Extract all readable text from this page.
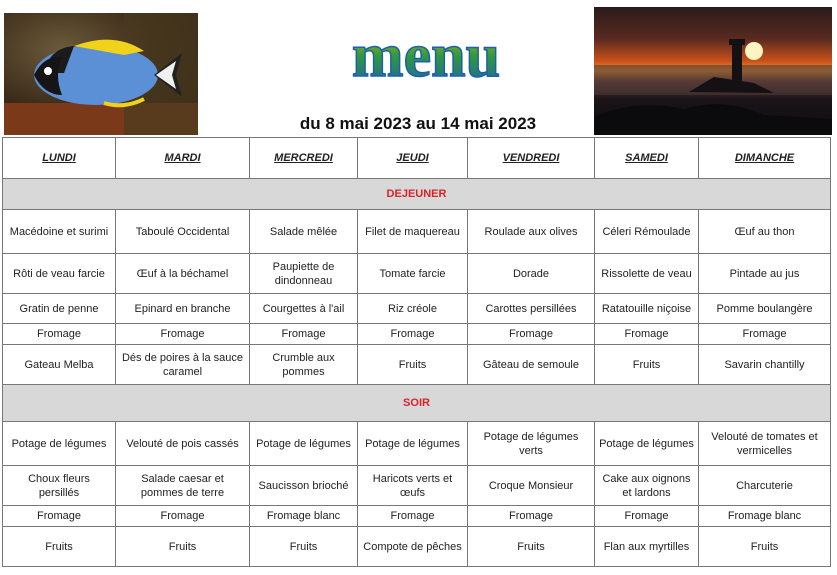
menu
du 8 mai 2023 au 14 mai 2023
LUNDI	MARDI	MERCREDI	JEUDI	VENDREDI	SAMEDI	DIMANCHE
DEJEUNER						
Macédoine et surimi	Taboulé Occidental	Salade mêlée	Filet de maquereau	Roulade aux olives	Céleri Rémoulade	Œuf au thon
Rôti de veau farcie	Œuf à la béchamel	Paupiette de dindonneau	Tomate farcie	Dorade	Rissolette de veau	Pintade au jus
Gratin de penne	Epinard en branche	Courgettes à l'ail	Riz créole	Carottes persillées	Ratatouille niçoise	Pomme boulangère
Fromage	Fromage	Fromage	Fromage	Fromage	Fromage	Fromage
Gateau Melba	Dés de poires à la sauce caramel	Crumble aux pommes	Fruits	Gâteau de semoule	Fruits	Savarin chantilly
SOIR						
Potage de légumes	Velouté de pois cassés	Potage de légumes	Potage de légumes	Potage de légumes verts	Potage de légumes	Velouté de tomates et vermicelles
Choux fleurs persillés	Salade caesar et pommes de terre	Saucisson brioché	Haricots verts et œufs	Croque Monsieur	Cake aux oignons et lardons	Charcuterie
Fromage	Fromage	Fromage blanc	Fromage	Fromage	Fromage	Fromage blanc
Fruits	Fruits	Fruits	Compote de pêches	Fruits	Flan aux myrtilles	Fruits
